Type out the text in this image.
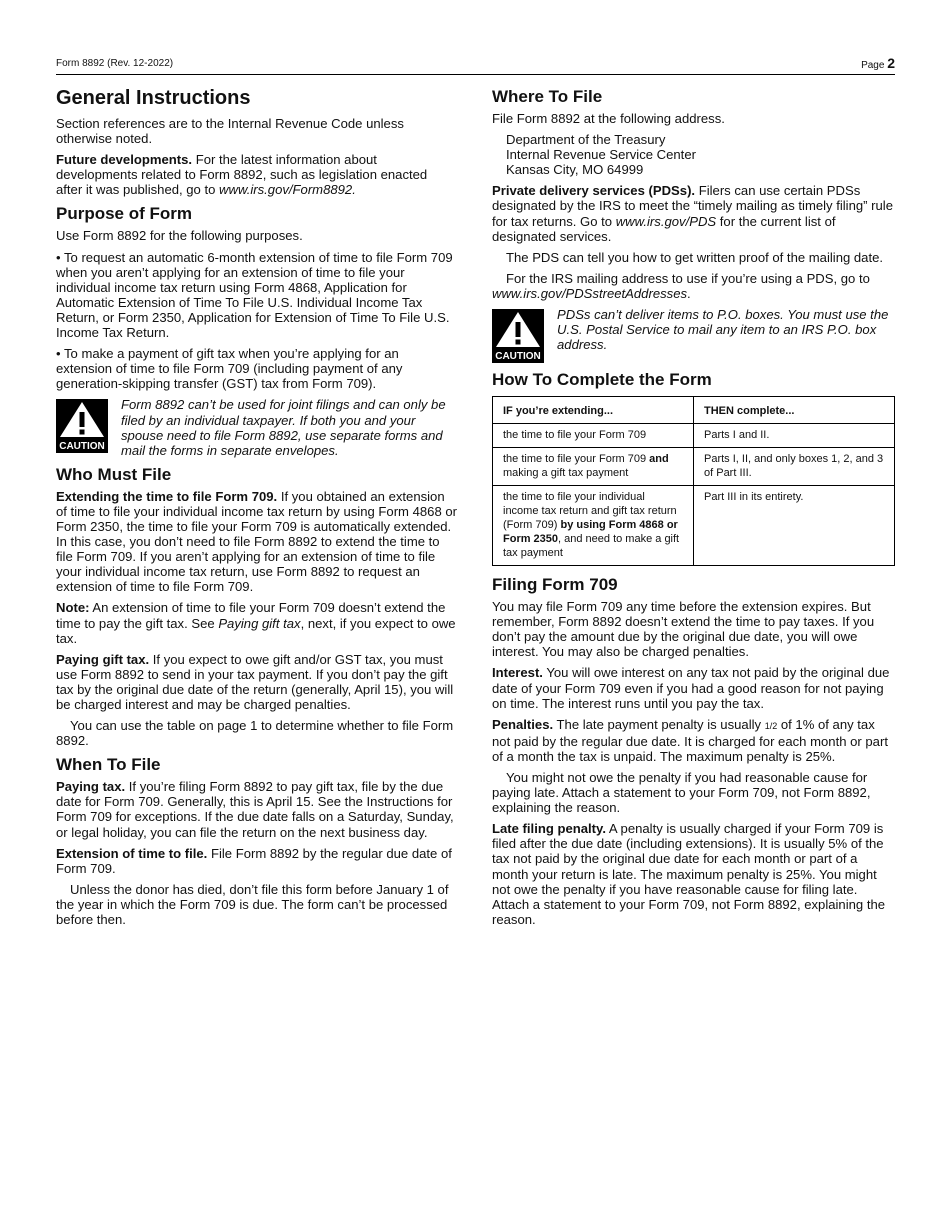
Form 8892 (Rev. 12-2022)	Page 2
General Instructions

Section references are to the Internal Revenue Code unless otherwise noted.

Future developments. For the latest information about developments related to Form 8892, such as legislation enacted after it was published, go to www.irs.gov/Form8892.

Purpose of Form

Use Form 8892 for the following purposes.

• To request an automatic 6-month extension of time to file Form 709 when you aren’t applying for an extension of time to file your individual income tax return using Form 4868, Application for Automatic Extension of Time To File U.S. Individual Income Tax Return, or Form 2350, Application for Extension of Time To File U.S. Income Tax Return.

• To make a payment of gift tax when you’re applying for an extension of time to file Form 709 (including payment of any generation-skipping transfer (GST) tax from Form 709).

CAUTION

Form 8892 can’t be used for joint filings and can only be filed by an individual taxpayer. If both you and your spouse need to file Form 8892, use separate forms and mail the forms in separate envelopes.

Who Must File

Extending the time to file Form 709. If you obtained an extension of time to file your individual income tax return by using Form 4868 or Form 2350, the time to file your Form 709 is automatically extended. In this case, you don’t need to file Form 8892 to extend the time to file Form 709. If you aren’t applying for an extension of time to file your individual income tax return, use Form 8892 to request an extension of time to file Form 709.

Note: An extension of time to file your Form 709 doesn’t extend the time to pay the gift tax. See Paying gift tax, next, if you expect to owe tax.

Paying gift tax. If you expect to owe gift and/or GST tax, you must use Form 8892 to send in your tax payment. If you don’t pay the gift tax by the original due date of the return (generally, April 15), you will be charged interest and may be charged penalties.

You can use the table on page 1 to determine whether to file Form 8892.

When To File

Paying tax. If you’re filing Form 8892 to pay gift tax, file by the due date for Form 709. Generally, this is April 15. See the Instructions for Form 709 for exceptions. If the due date falls on a Saturday, Sunday, or legal holiday, you can file the return on the next business day.

Extension of time to file. File Form 8892 by the regular due date of Form 709.

Unless the donor has died, don’t file this form before January 1 of the year in which the Form 709 is due. The form can’t be processed before then.

Where To File

File Form 8892 at the following address.

Department of the Treasury
Internal Revenue Service Center
Kansas City, MO 64999

Private delivery services (PDSs). Filers can use certain PDSs designated by the IRS to meet the “timely mailing as timely filing” rule for tax returns. Go to www.irs.gov/PDS for the current list of designated services.

The PDS can tell you how to get written proof of the mailing date.

For the IRS mailing address to use if you’re using a PDS, go to www.irs.gov/PDSstreetAddresses.

CAUTION

PDSs can’t deliver items to P.O. boxes. You must use the U.S. Postal Service to mail any item to an IRS P.O. box address.

How To Complete the Form
IF you’re extending...	THEN complete...
the time to file your Form 709	Parts I and II.
the time to file your Form 709 and making a gift tax payment	Parts I, II, and only boxes 1, 2, and 3 of Part III.
the time to file your individual income tax return and gift tax return (Form 709) by using Form 4868 or Form 2350, and need to make a gift tax payment	Part III in its entirety.
Filing Form 709

You may file Form 709 any time before the extension expires. But remember, Form 8892 doesn’t extend the time to pay taxes. If you don’t pay the amount due by the original due date, you will owe interest. You may also be charged penalties.

Interest. You will owe interest on any tax not paid by the original due date of your Form 709 even if you had a good reason for not paying on time. The interest runs until you pay the tax.

Penalties. The late payment penalty is usually 1/2 of 1% of any tax not paid by the regular due date. It is charged for each month or part of a month the tax is unpaid. The maximum penalty is 25%.

You might not owe the penalty if you had reasonable cause for paying late. Attach a statement to your Form 709, not Form 8892, explaining the reason.

Late filing penalty. A penalty is usually charged if your Form 709 is filed after the due date (including extensions). It is usually 5% of the tax not paid by the original due date for each month or part of a month your return is late. The maximum penalty is 25%. You might not owe the penalty if you have reasonable cause for filing late. Attach a statement to your Form 709, not Form 8892, explaining the reason.
